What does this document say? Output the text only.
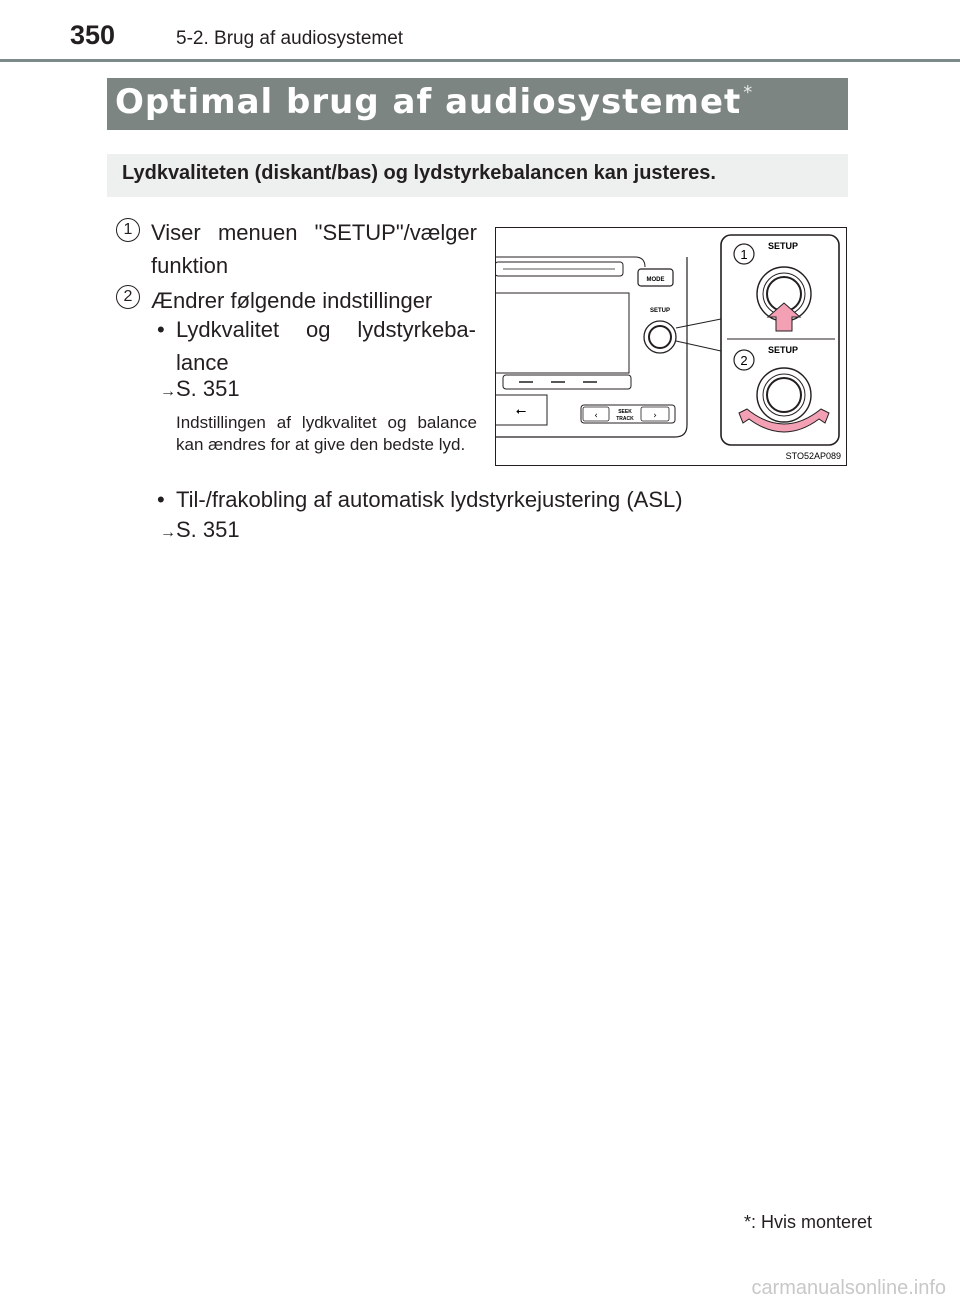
350	5-2. Brug af audiosystemet
Optimal brug af audiosystemet *
Lydkvaliteten (diskant/bas) og lydstyrkebalancen kan justeres.
1 Viser menuen "SETUP"/vælger funktion
2 Ændrer følgende indstillinger
• Lydkvalitet og lydstyrkeba-lance
→S. 351
Indstillingen af lydkvalitet og balance kan ændres for at give den bedste lyd.
• Til-/frakobling af automatisk lydstyrkejustering (ASL)
→S. 351
MODE
SETUP
⭠	‹	›
SEEK
TRACK
1
SETUP
2
SETUP
STO52AP089
*: Hvis monteret
carmanualsonline.info
